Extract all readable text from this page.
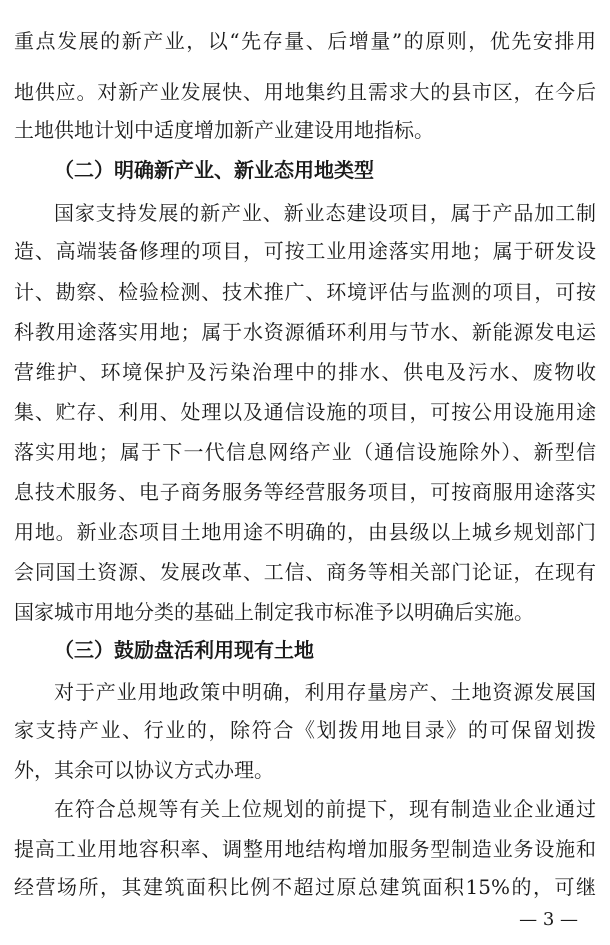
重点发展的新产业，以“先存量、后增量”的原则，优先安排用
地供应。对新产业发展快、用地集约且需求大的县市区，在今后
土地供地计划中适度增加新产业建设用地指标。
（二）明确新产业、新业态用地类型
国家支持发展的新产业、新业态建设项目，属于产品加工制
造、高端装备修理的项目，可按工业用途落实用地；属于研发设
计、勘察、检验检测、技术推广、环境评估与监测的项目，可按
科教用途落实用地；属于水资源循环利用与节水、新能源发电运
营维护、环境保护及污染治理中的排水、供电及污水、废物收
集、贮存、利用、处理以及通信设施的项目，可按公用设施用途
落实用地；属于下一代信息网络产业（通信设施除外）、新型信
息技术服务、电子商务服务等经营服务项目，可按商服用途落实
用地。新业态项目土地用途不明确的，由县级以上城乡规划部门
会同国土资源、发展改革、工信、商务等相关部门论证，在现有
国家城市用地分类的基础上制定我市标准予以明确后实施。
（三）鼓励盘活利用现有土地
对于产业用地政策中明确，利用存量房产、土地资源发展国
家支持产业、行业的，除符合《划拨用地目录》的可保留划拨
外，其余可以协议方式办理。
在符合总规等有关上位规划的前提下，现有制造业企业通过
提高工业用地容积率、调整用地结构增加服务型制造业务设施和
经营场所，其建筑面积比例不超过原总建筑面积15%的，可继
— 3 —
